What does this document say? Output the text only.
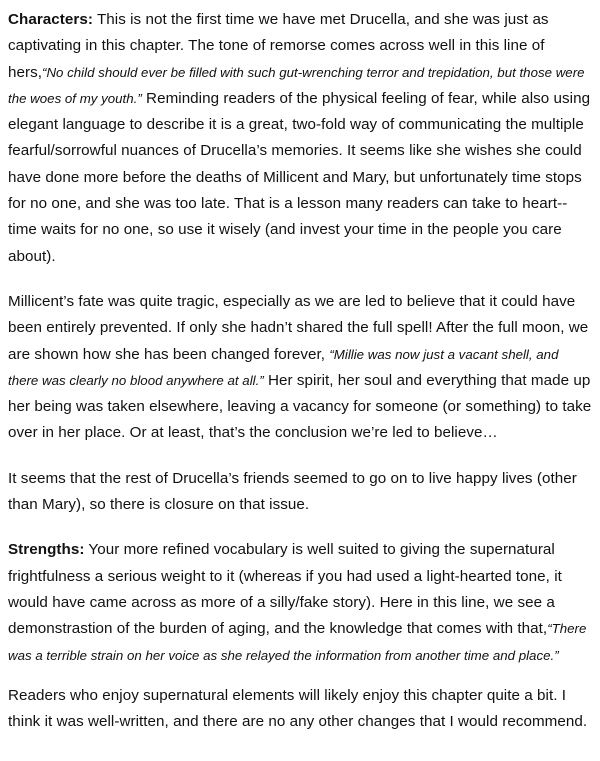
Characters: This is not the first time we have met Drucella, and she was just as captivating in this chapter. The tone of remorse comes across well in this line of hers,“No child should ever be filled with such gut-wrenching terror and trepidation, but those were the woes of my youth.” Reminding readers of the physical feeling of fear, while also using elegant language to describe it is a great, two-fold way of communicating the multiple fearful/sorrowful nuances of Drucella’s memories. It seems like she wishes she could have done more before the deaths of Millicent and Mary, but unfortunately time stops for no one, and she was too late. That is a lesson many readers can take to heart-- time waits for no one, so use it wisely (and invest your time in the people you care about).

Millicent’s fate was quite tragic, especially as we are led to believe that it could have been entirely prevented. If only she hadn’t shared the full spell! After the full moon, we are shown how she has been changed forever, “Millie was now just a vacant shell, and there was clearly no blood anywhere at all.” Her spirit, her soul and everything that made up her being was taken elsewhere, leaving a vacancy for someone (or something) to take over in her place. Or at least, that’s the conclusion we’re led to believe…

It seems that the rest of Drucella’s friends seemed to go on to live happy lives (other than Mary), so there is closure on that issue.

Strengths: Your more refined vocabulary is well suited to giving the supernatural frightfulness a serious weight to it (whereas if you had used a light-hearted tone, it would have came across as more of a silly/fake story). Here in this line, we see a demonstrastion of the burden of aging, and the knowledge that comes with that,“There was a terrible strain on her voice as she relayed the information from another time and place.”

Readers who enjoy supernatural elements will likely enjoy this chapter quite a bit. I think it was well-written, and there are no any other changes that I would recommend.
